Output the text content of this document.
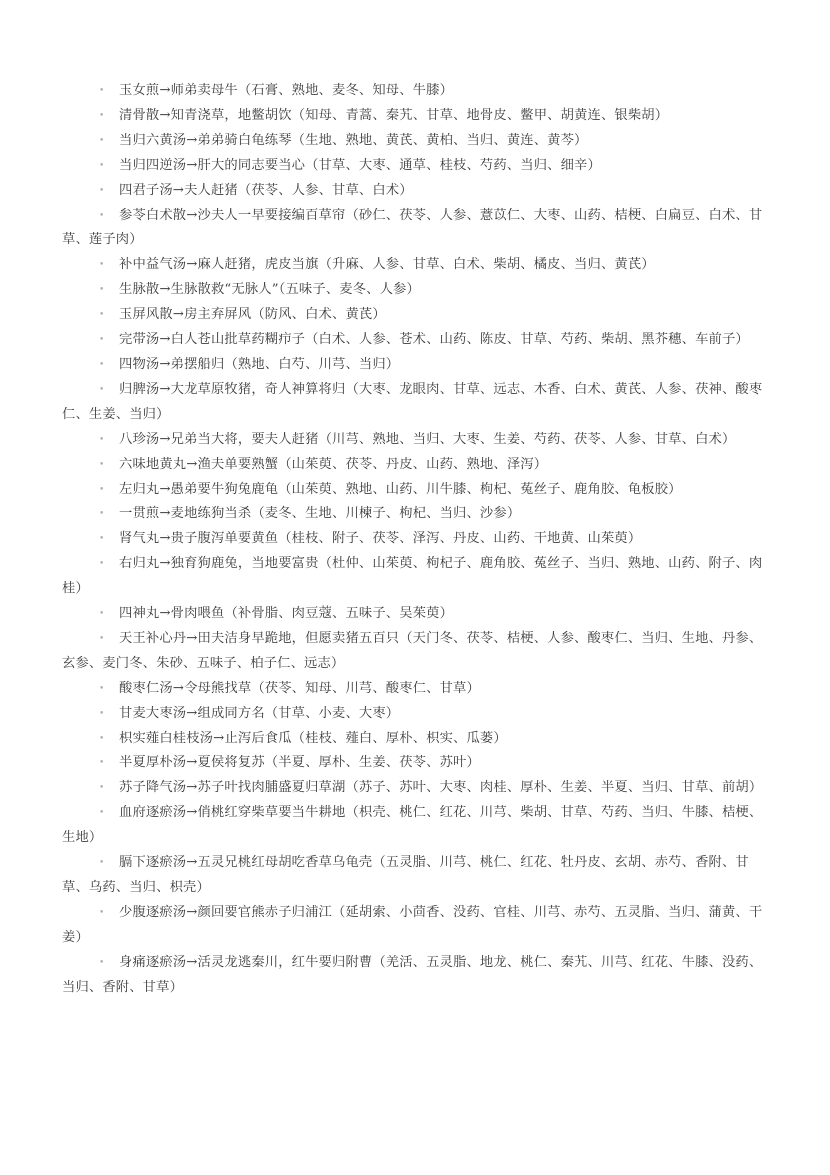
• 玉女煎→师弟卖母牛（石膏、熟地、麦冬、知母、牛膝）

• 清骨散→知青浇草，地鳖胡饮（知母、青蒿、秦艽、甘草、地骨皮、鳖甲、胡黄连、银柴胡）

• 当归六黄汤→弟弟骑白龟练琴（生地、熟地、黄芪、黄柏、当归、黄连、黄芩）

• 当归四逆汤→肝大的同志要当心（甘草、大枣、通草、桂枝、芍药、当归、细辛）

• 四君子汤→夫人赶猪（茯苓、人参、甘草、白术）

• 参苓白术散→沙夫人一早要接编百草帘（砂仁、茯苓、人参、薏苡仁、大枣、山药、桔梗、白扁豆、白术、甘草、莲子肉）

• 补中益气汤→麻人赶猪，虎皮当旗（升麻、人参、甘草、白术、柴胡、橘皮、当归、黄芪）

• 生脉散→生脉散救“无脉人”（五味子、麦冬、人参）

• 玉屏风散→房主弃屏风（防风、白术、黄芪）

• 完带汤→白人苍山批草药糊疖子（白术、人参、苍术、山药、陈皮、甘草、芍药、柴胡、黑芥穗、车前子）

• 四物汤→弟摆船归（熟地、白芍、川芎、当归）

• 归脾汤→大龙草原牧猪，奇人神算将归（大枣、龙眼肉、甘草、远志、木香、白术、黄芪、人参、茯神、酸枣仁、生姜、当归）

• 八珍汤→兄弟当大将，要夫人赶猪（川芎、熟地、当归、大枣、生姜、芍药、茯苓、人参、甘草、白术）

• 六味地黄丸→渔夫单要熟蟹（山茱萸、茯苓、丹皮、山药、熟地、泽泻）

• 左归丸→愚弟要牛狗兔鹿龟（山茱萸、熟地、山药、川牛膝、枸杞、菟丝子、鹿角胶、龟板胶）

• 一贯煎→麦地练狗当杀（麦冬、生地、川楝子、枸杞、当归、沙参）

• 肾气丸→贵子腹泻单要黄鱼（桂枝、附子、茯苓、泽泻、丹皮、山药、干地黄、山茱萸）

• 右归丸→独育狗鹿兔，当地要富贵（杜仲、山茱萸、枸杞子、鹿角胶、菟丝子、当归、熟地、山药、附子、肉桂）

• 四神丸→骨肉喂鱼（补骨脂、肉豆蔻、五味子、吴茱萸）

• 天王补心丹→田夫洁身早跪地，但愿卖猪五百只（天门冬、茯苓、桔梗、人参、酸枣仁、当归、生地、丹参、玄参、麦门冬、朱砂、五味子、柏子仁、远志）

• 酸枣仁汤→令母熊找草（茯苓、知母、川芎、酸枣仁、甘草）

• 甘麦大枣汤→组成同方名（甘草、小麦、大枣）

• 枳实薤白桂枝汤→止泻后食瓜（桂枝、薤白、厚朴、枳实、瓜蒌）

• 半夏厚朴汤→夏侯将复苏（半夏、厚朴、生姜、茯苓、苏叶）

• 苏子降气汤→苏子叶找肉脯盛夏归草湖（苏子、苏叶、大枣、肉桂、厚朴、生姜、半夏、当归、甘草、前胡）

• 血府逐瘀汤→俏桃红穿柴草要当牛耕地（枳壳、桃仁、红花、川芎、柴胡、甘草、芍药、当归、牛膝、桔梗、生地）

• 膈下逐瘀汤→五灵兄桃红母胡吃香草乌龟壳（五灵脂、川芎、桃仁、红花、牡丹皮、玄胡、赤芍、香附、甘草、乌药、当归、枳壳）

• 少腹逐瘀汤→颜回要官熊赤子归浦江（延胡索、小茴香、没药、官桂、川芎、赤芍、五灵脂、当归、蒲黄、干姜）

• 身痛逐瘀汤→活灵龙逃秦川，红牛要归附曹（羌活、五灵脂、地龙、桃仁、秦艽、川芎、红花、牛膝、没药、当归、香附、甘草）
